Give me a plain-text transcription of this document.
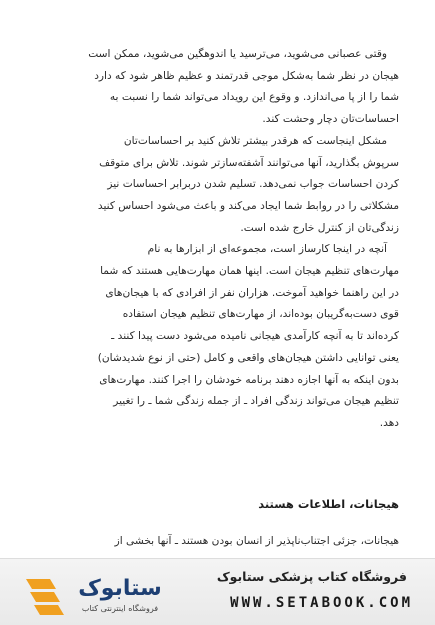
وقتی عصبانی می‌شوید، می‌ترسید یا اندوهگین می‌شوید، ممکن است
هیجان در نظر شما به‌شکل موجی قدرتمند و عظیم ظاهر شود که دارد
شما را از پا می‌اندازد. و وقوع این رویداد می‌تواند شما را نسبت به
احساسات‌تان دچار وحشت کند.
مشکل اینجاست که هرقدر بیشتر تلاش کنید بر احساسات‌تان
سرپوش بگذارید، آنها می‌توانند آشفته‌سازتر شوند. تلاش برای متوقف
کردن احساسات جواب نمی‌دهد. تسلیم شدن دربرابر احساسات نیز
مشکلاتی را در روابط شما ایجاد می‌کند و باعث می‌شود احساس کنید
زندگی‌تان از کنترل خارج شده است.
آنچه در اینجا کارساز است، مجموعه‌ای از ابزارها به نام
مهارت‌های تنظیم هیجان است. اینها همان مهارت‌هایی هستند که شما
در این راهنما خواهید آموخت. هزاران نفر از افرادی که با هیجان‌های
قوی دست‌به‌گریبان بوده‌اند، از مهارت‌های تنظیم هیجان استفاده
کرده‌اند تا به آنچه کارآمدی هیجانی نامیده می‌شود دست پیدا کنند ـ
یعنی توانایی داشتن هیجان‌های واقعی و کامل (حتی از نوع شدیدشان)
بدون اینکه به آنها اجازه دهند برنامه خودشان را اجرا کنند. مهارت‌های
تنظیم هیجان می‌تواند زندگی افراد ـ از جمله زندگی شما ـ را تغییر
دهد.
هیجانات، اطلاعات هستند
هیجانات، جزئی اجتناب‌ناپذیر از انسان بودن هستند ـ آنها بخشی از
ستابوک
فروشگاه اینترنتی کتاب
فروشگاه کتاب پزشکی ستابوک
WWW.SETABOOK.COM
